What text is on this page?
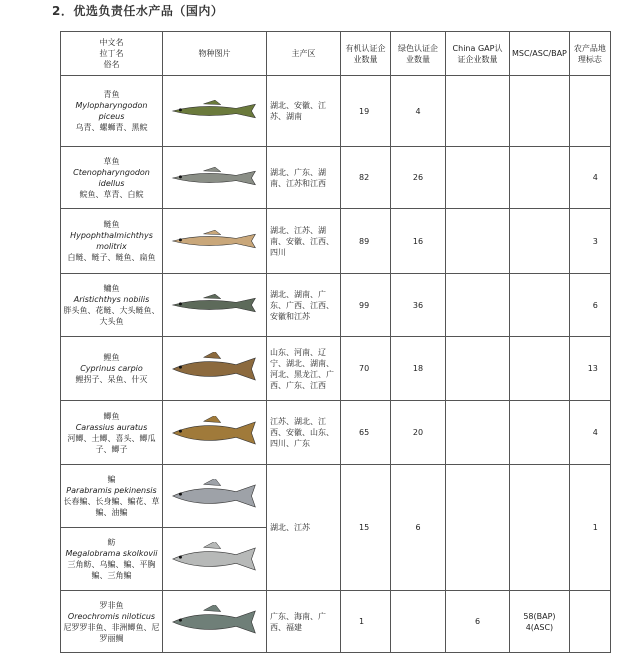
2．优选负责任水产品（国内）
中文名
拉丁名
俗名	物种图片	主产区	有机认证企业数量	绿色认证企业数量	China GAP认证企业数量	MSC/ASC/BAP	农产品地理标志

青鱼
Mylopharyngodon piceus
乌青、螺蛳青、黑鲩		湖北、安徽、江苏、湖南	19	4			

草鱼
Ctenopharyngodon idellus
鲩鱼、草青、白鲩		湖北、广东、湖南、江苏和江西	82	26			4

鲢鱼
Hypophthalmichthys molitrix
白鲢、鲢子、鲢鱼、扁鱼		湖北、江苏、湖南、安徽、江西、四川	89	16			3

鳙鱼
Aristichthys nobilis
胖头鱼、花鲢、大头鲢鱼、大头鱼		湖北、湖南、广东、广西、江西、安徽和江苏	99	36			6

鲤鱼
Cyprinus carpio
鲤拐子、呆鱼、什灭		山东、河南、辽宁、湖北、湖南、河北、黑龙江、广西、广东、江西	70	18			13

鲫鱼
Carassius auratus
河鲫、土鲫、喜头、鲫瓜子、鲫子		江苏、湖北、江西、安徽、山东、四川、广东	65	20			4

鳊
Parabramis pekinensis
长春鳊、长身鳊、鳊花、草鳊、油鳊		湖北、江苏	15	6			1

鲂
Megalobrama skolkovii
三角鲂、乌鳊、鳊、平胸鳊、三角鳊

罗非鱼
Oreochromis niloticus
尼罗罗非鱼、非洲鲫鱼、尼罗丽鲷		广东、海南、广西、福建	1		6	58(BAP) 4(ASC)	
